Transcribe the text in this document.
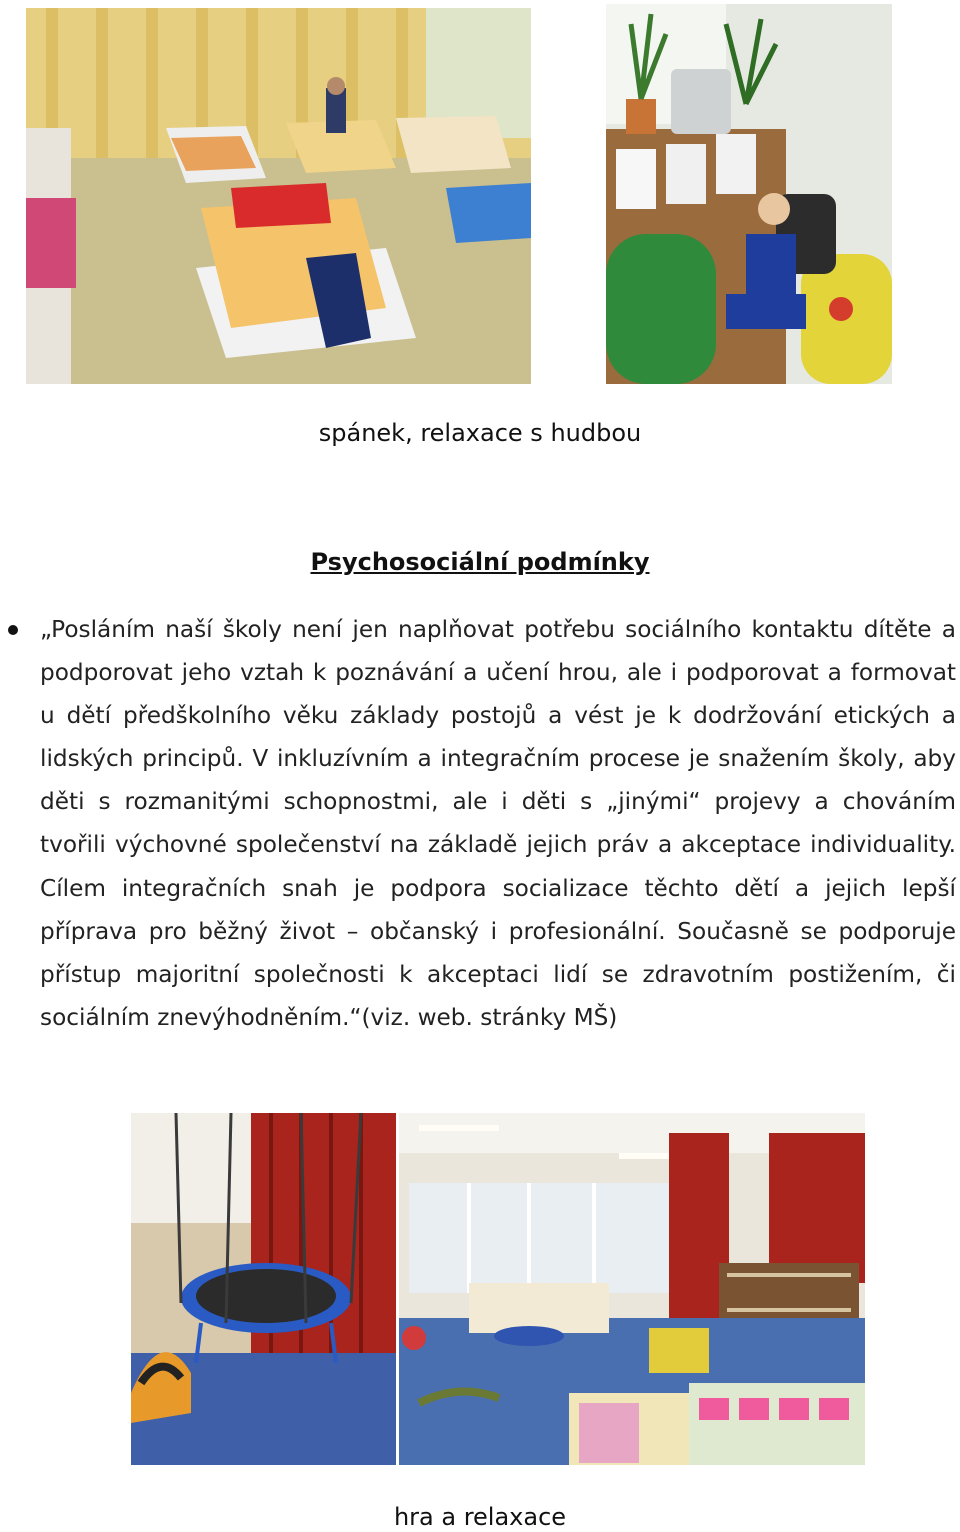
spánek, relaxace s hudbou
Psychosociální podmínky
„Posláním naší školy není jen naplňovat potřebu sociálního kontaktu dítěte a podporovat jeho vztah k poznávání a učení hrou, ale i podporovat a formovat u dětí předškolního věku základy postojů a vést je k dodržování etických a lidských principů. V inkluzívním a integračním procese je snažením školy, aby děti s rozmanitými schopnostmi, ale i děti s „jinými“ projevy a chováním tvořili výchovné společenství na základě jejich práv a akceptace individuality. Cílem integračních snah je podpora socializace těchto dětí a jejich lepší příprava pro běžný život – občanský i profesionální. Současně se podporuje přístup majoritní společnosti k akceptaci lidí se zdravotním postižením, či sociálním znevýhodněním.“(viz. web. stránky MŠ)
hra a relaxace
